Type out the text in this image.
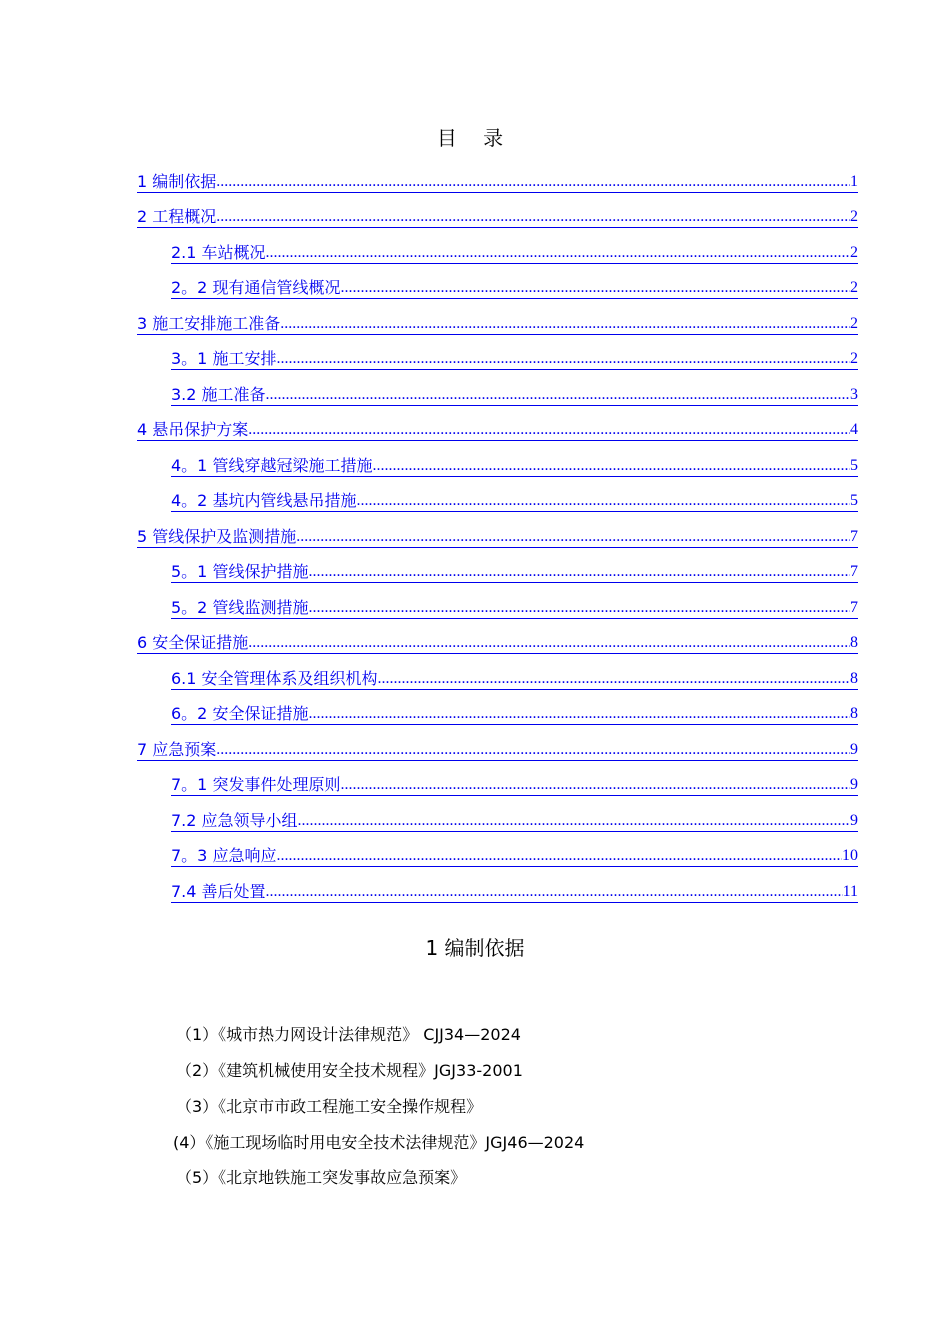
目 录
1 编制依据 .....	1
2 工程概况 .....	2
2.1 车站概况 .....	2
2。2 现有通信管线概况 .....	2
3 施工安排施工准备 .....	2
3。1 施工安排 .....	2
3.2 施工准备 .....	3
4 悬吊保护方案 .....	4
4。1 管线穿越冠梁施工措施 .....	5
4。2 基坑内管线悬吊措施 .....	5
5 管线保护及监测措施 .....	7
5。1 管线保护措施 .....	7
5。2 管线监测措施 .....	7
6 安全保证措施 .....	8
6.1 安全管理体系及组织机构 .....	8
6。2 安全保证措施 .....	8
7 应急预案 .....	9
7。1 突发事件处理原则 .....	9
7.2 应急领导小组 .....	9
7。3 应急响应 .....	10
7.4 善后处置 .....	11
1 编制依据
（1）《城市热力网设计法律规范》 CJJ34—2024
（2）《建筑机械使用安全技术规程》JGJ33-2001
（3）《北京市市政工程施工安全操作规程》
(4）《施工现场临时用电安全技术法律规范》JGJ46—2024
（5）《北京地铁施工突发事故应急预案》
